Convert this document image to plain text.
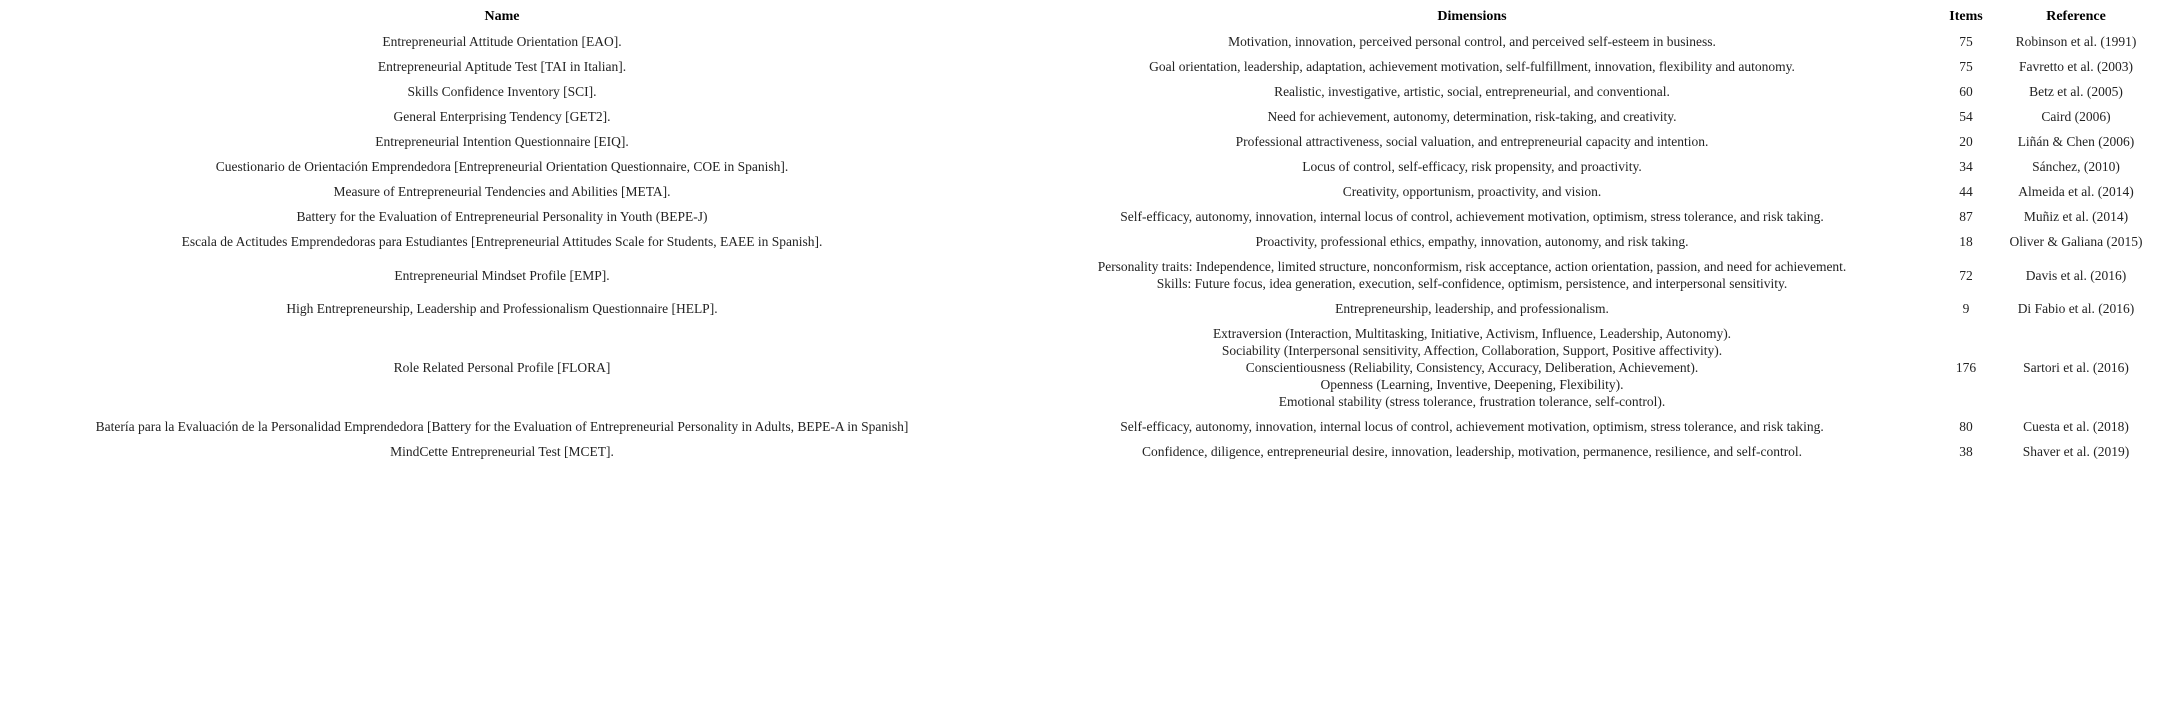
Name	Dimensions	Items	Reference
Entrepreneurial Attitude Orientation [EAO].	Motivation, innovation, perceived personal control, and perceived self-esteem in business.	75	Robinson et al. (1991)
Entrepreneurial Aptitude Test [TAI in Italian].	Goal orientation, leadership, adaptation, achievement motivation, self-fulfillment, innovation, flexibility and autonomy.	75	Favretto et al. (2003)
Skills Confidence Inventory [SCI].	Realistic, investigative, artistic, social, entrepreneurial, and conventional.	60	Betz et al. (2005)
General Enterprising Tendency [GET2].	Need for achievement, autonomy, determination, risk-taking, and creativity.	54	Caird (2006)
Entrepreneurial Intention Questionnaire [EIQ].	Professional attractiveness, social valuation, and entrepreneurial capacity and intention.	20	Liñán & Chen (2006)
Cuestionario de Orientación Emprendedora [Entrepreneurial Orientation Questionnaire, COE in Spanish].	Locus of control, self-efficacy, risk propensity, and proactivity.	34	Sánchez, (2010)
Measure of Entrepreneurial Tendencies and Abilities [META].	Creativity, opportunism, proactivity, and vision.	44	Almeida et al. (2014)
Battery for the Evaluation of Entrepreneurial Personality in Youth (BEPE-J)	Self-efficacy, autonomy, innovation, internal locus of control, achievement motivation, optimism, stress tolerance, and risk taking.	87	Muñiz et al. (2014)
Escala de Actitudes Emprendedoras para Estudiantes [Entrepreneurial Attitudes Scale for Students, EAEE in Spanish].	Proactivity, professional ethics, empathy, innovation, autonomy, and risk taking.	18	Oliver & Galiana (2015)
Entrepreneurial Mindset Profile [EMP].	Personality traits: Independence, limited structure, nonconformism, risk acceptance, action orientation, passion, and need for achievement.
Skills: Future focus, idea generation, execution, self-confidence, optimism, persistence, and interpersonal sensitivity.	72	Davis et al. (2016)
High Entrepreneurship, Leadership and Professionalism Questionnaire [HELP].	Entrepreneurship, leadership, and professionalism.	9	Di Fabio et al. (2016)
Role Related Personal Profile [FLORA]	Extraversion (Interaction, Multitasking, Initiative, Activism, Influence, Leadership, Autonomy).
Sociability (Interpersonal sensitivity, Affection, Collaboration, Support, Positive affectivity).
Conscientiousness (Reliability, Consistency, Accuracy, Deliberation, Achievement).
Openness (Learning, Inventive, Deepening, Flexibility).
Emotional stability (stress tolerance, frustration tolerance, self-control).	176	Sartori et al. (2016)
Batería para la Evaluación de la Personalidad Emprendedora [Battery for the Evaluation of Entrepreneurial Personality in Adults, BEPE-A in Spanish]	Self-efficacy, autonomy, innovation, internal locus of control, achievement motivation, optimism, stress tolerance, and risk taking.	80	Cuesta et al. (2018)
MindCette Entrepreneurial Test [MCET].	Confidence, diligence, entrepreneurial desire, innovation, leadership, motivation, permanence, resilience, and self-control.	38	Shaver et al. (2019)
